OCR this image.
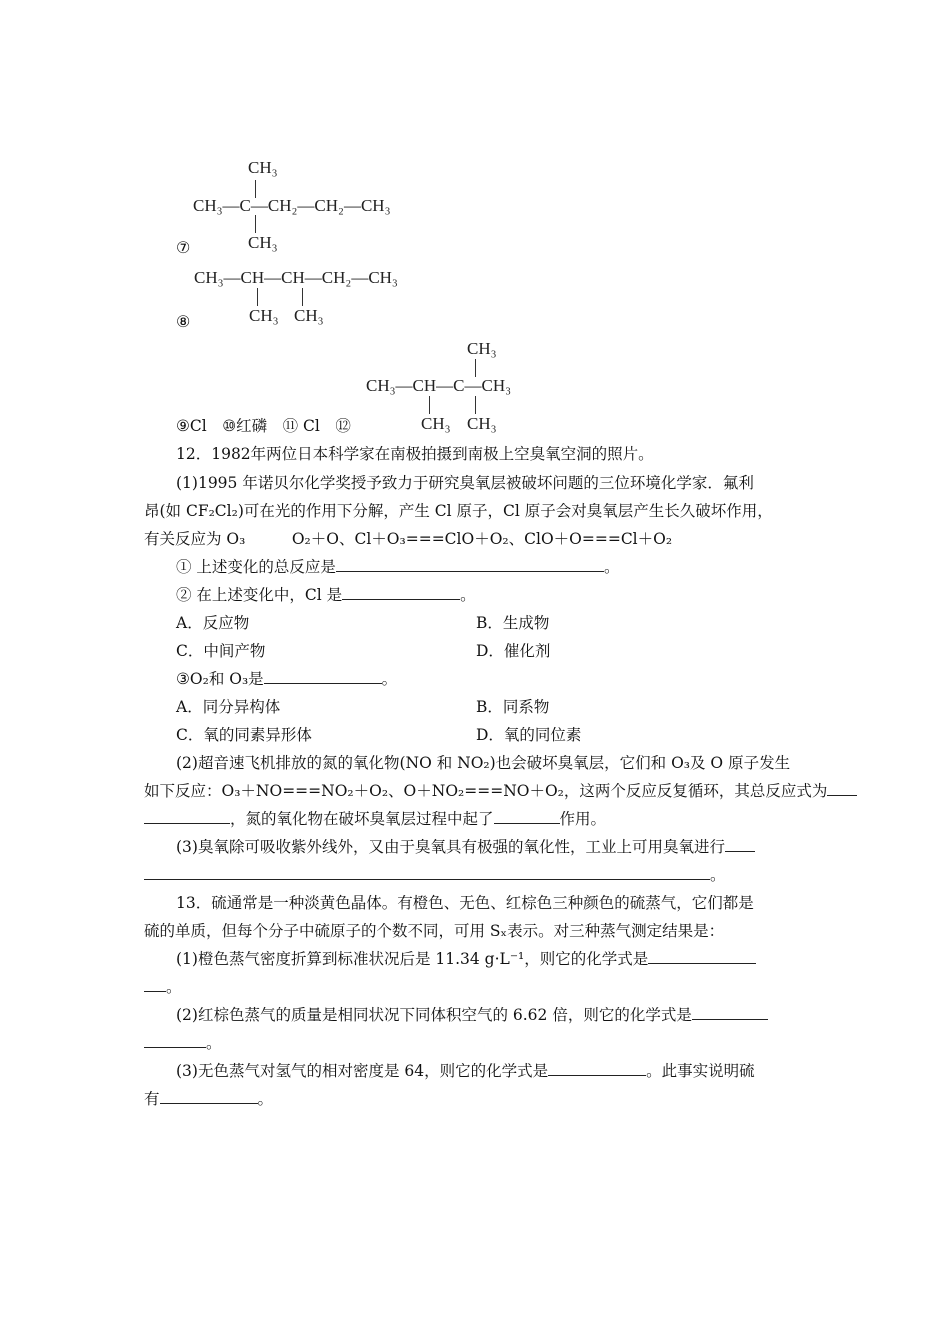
CH₃
CH₃—C—CH₂—CH₂—CH₃
CH₃
⑦
CH₃—CH—CH—CH₂—CH₃
CH₃ CH₃
⑧
CH₃
CH₃—CH—C—CH₃
CH₃ CH₃
⑨Cl　⑩红磷　⑪ Cl　⑫
12．1982年两位日本科学家在南极拍摄到南极上空臭氧空洞的照片。
(1)1995 年诺贝尔化学奖授予致力于研究臭氧层被破坏问题的三位环境化学家．氟利
昂(如 CF₂Cl₂)可在光的作用下分解，产生 Cl 原子，Cl 原子会对臭氧层产生长久破坏作用，
有关反应为 O₃　　　O₂＋O、Cl＋O₃===ClO＋O₂、ClO＋O===Cl＋O₂
① 上述变化的总反应是	。
② 在上述变化中，Cl 是	。
A．反应物	B．生成物
C．中间产物	D．催化剂
③O₂和 O₃是	。
A．同分异构体	B．同系物
C．氧的同素异形体	D．氧的同位素
(2)超音速飞机排放的氮的氧化物(NO 和 NO₂)也会破坏臭氧层，它们和 O₃及 O 原子发生
如下反应：O₃＋NO===NO₂＋O₂、O＋NO₂===NO＋O₂，这两个反应反复循环，其总反应式为
，氮的氧化物在破坏臭氧层过程中起了	作用。
(3)臭氧除可吸收紫外线外，又由于臭氧具有极强的氧化性，工业上可用臭氧进行
。
13．硫通常是一种淡黄色晶体。有橙色、无色、红棕色三种颜色的硫蒸气，它们都是
硫的单质，但每个分子中硫原子的个数不同，可用 Sₓ表示。对三种蒸气测定结果是：
(1)橙色蒸气密度折算到标准状况后是 11.34 g·L⁻¹，则它的化学式是
。
(2)红棕色蒸气的质量是相同状况下同体积空气的 6.62 倍，则它的化学式是
。
(3)无色蒸气对氢气的相对密度是 64，则它的化学式是	。此事实说明硫
有	。
